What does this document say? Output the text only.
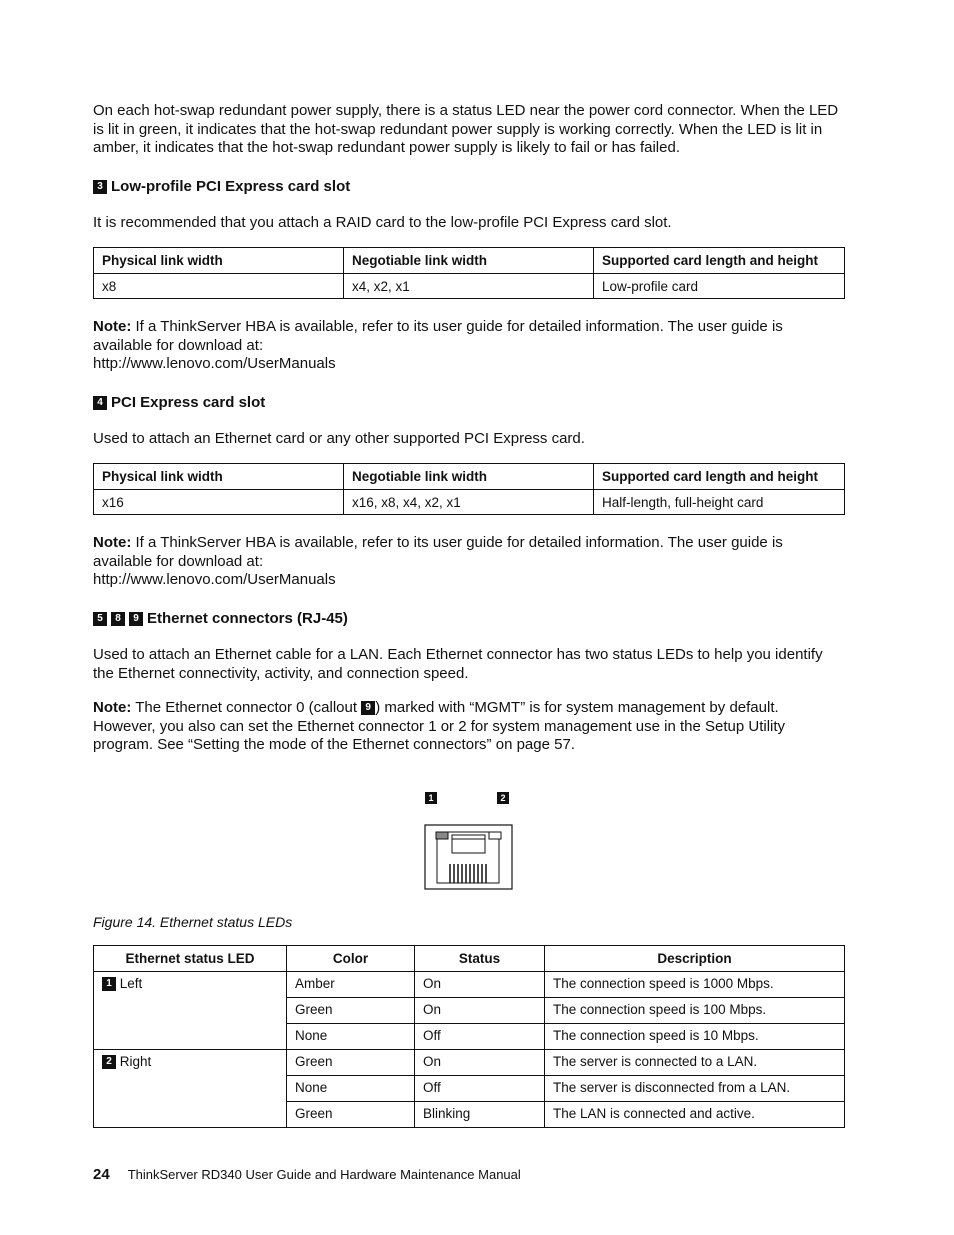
On each hot-swap redundant power supply, there is a status LED near the power cord connector. When the LED is lit in green, it indicates that the hot-swap redundant power supply is working correctly. When the LED is lit in amber, it indicates that the hot-swap redundant power supply is likely to fail or has failed.

3 Low-profile PCI Express card slot

It is recommended that you attach a RAID card to the low-profile PCI Express card slot.

Physical link width	Negotiable link width	Supported card length and height
x8	x4, x2, x1	Low-profile card

Note: If a ThinkServer HBA is available, refer to its user guide for detailed information. The user guide is available for download at:

http://www.lenovo.com/UserManuals

4 PCI Express card slot

Used to attach an Ethernet card or any other supported PCI Express card.

Physical link width	Negotiable link width	Supported card length and height
x16	x16, x8, x4, x2, x1	Half-length, full-height card

Note: If a ThinkServer HBA is available, refer to its user guide for detailed information. The user guide is available for download at:

http://www.lenovo.com/UserManuals

5	8	9 Ethernet connectors (RJ-45)

Used to attach an Ethernet cable for a LAN. Each Ethernet connector has two status LEDs to help you identify the Ethernet connectivity, activity, and connection speed.

Note: The Ethernet connector 0 (callout 9 ) marked with “MGMT” is for system management by default. However, you also can set the Ethernet connector 1 or 2 for system management use in the Setup Utility program. See “Setting the mode of the Ethernet connectors” on page 57.

1	2

Figure 14. Ethernet status LEDs

Ethernet status LED	Color	Status	Description
1 Left	Amber	On	The connection speed is 1000 Mbps.
	Green	On	The connection speed is 100 Mbps.
	None	Off	The connection speed is 10 Mbps.
2 Right	Green	On	The server is connected to a LAN.
	None	Off	The server is disconnected from a LAN.
	Green	Blinking	The LAN is connected and active.
24 ThinkServer RD340 User Guide and Hardware Maintenance Manual
